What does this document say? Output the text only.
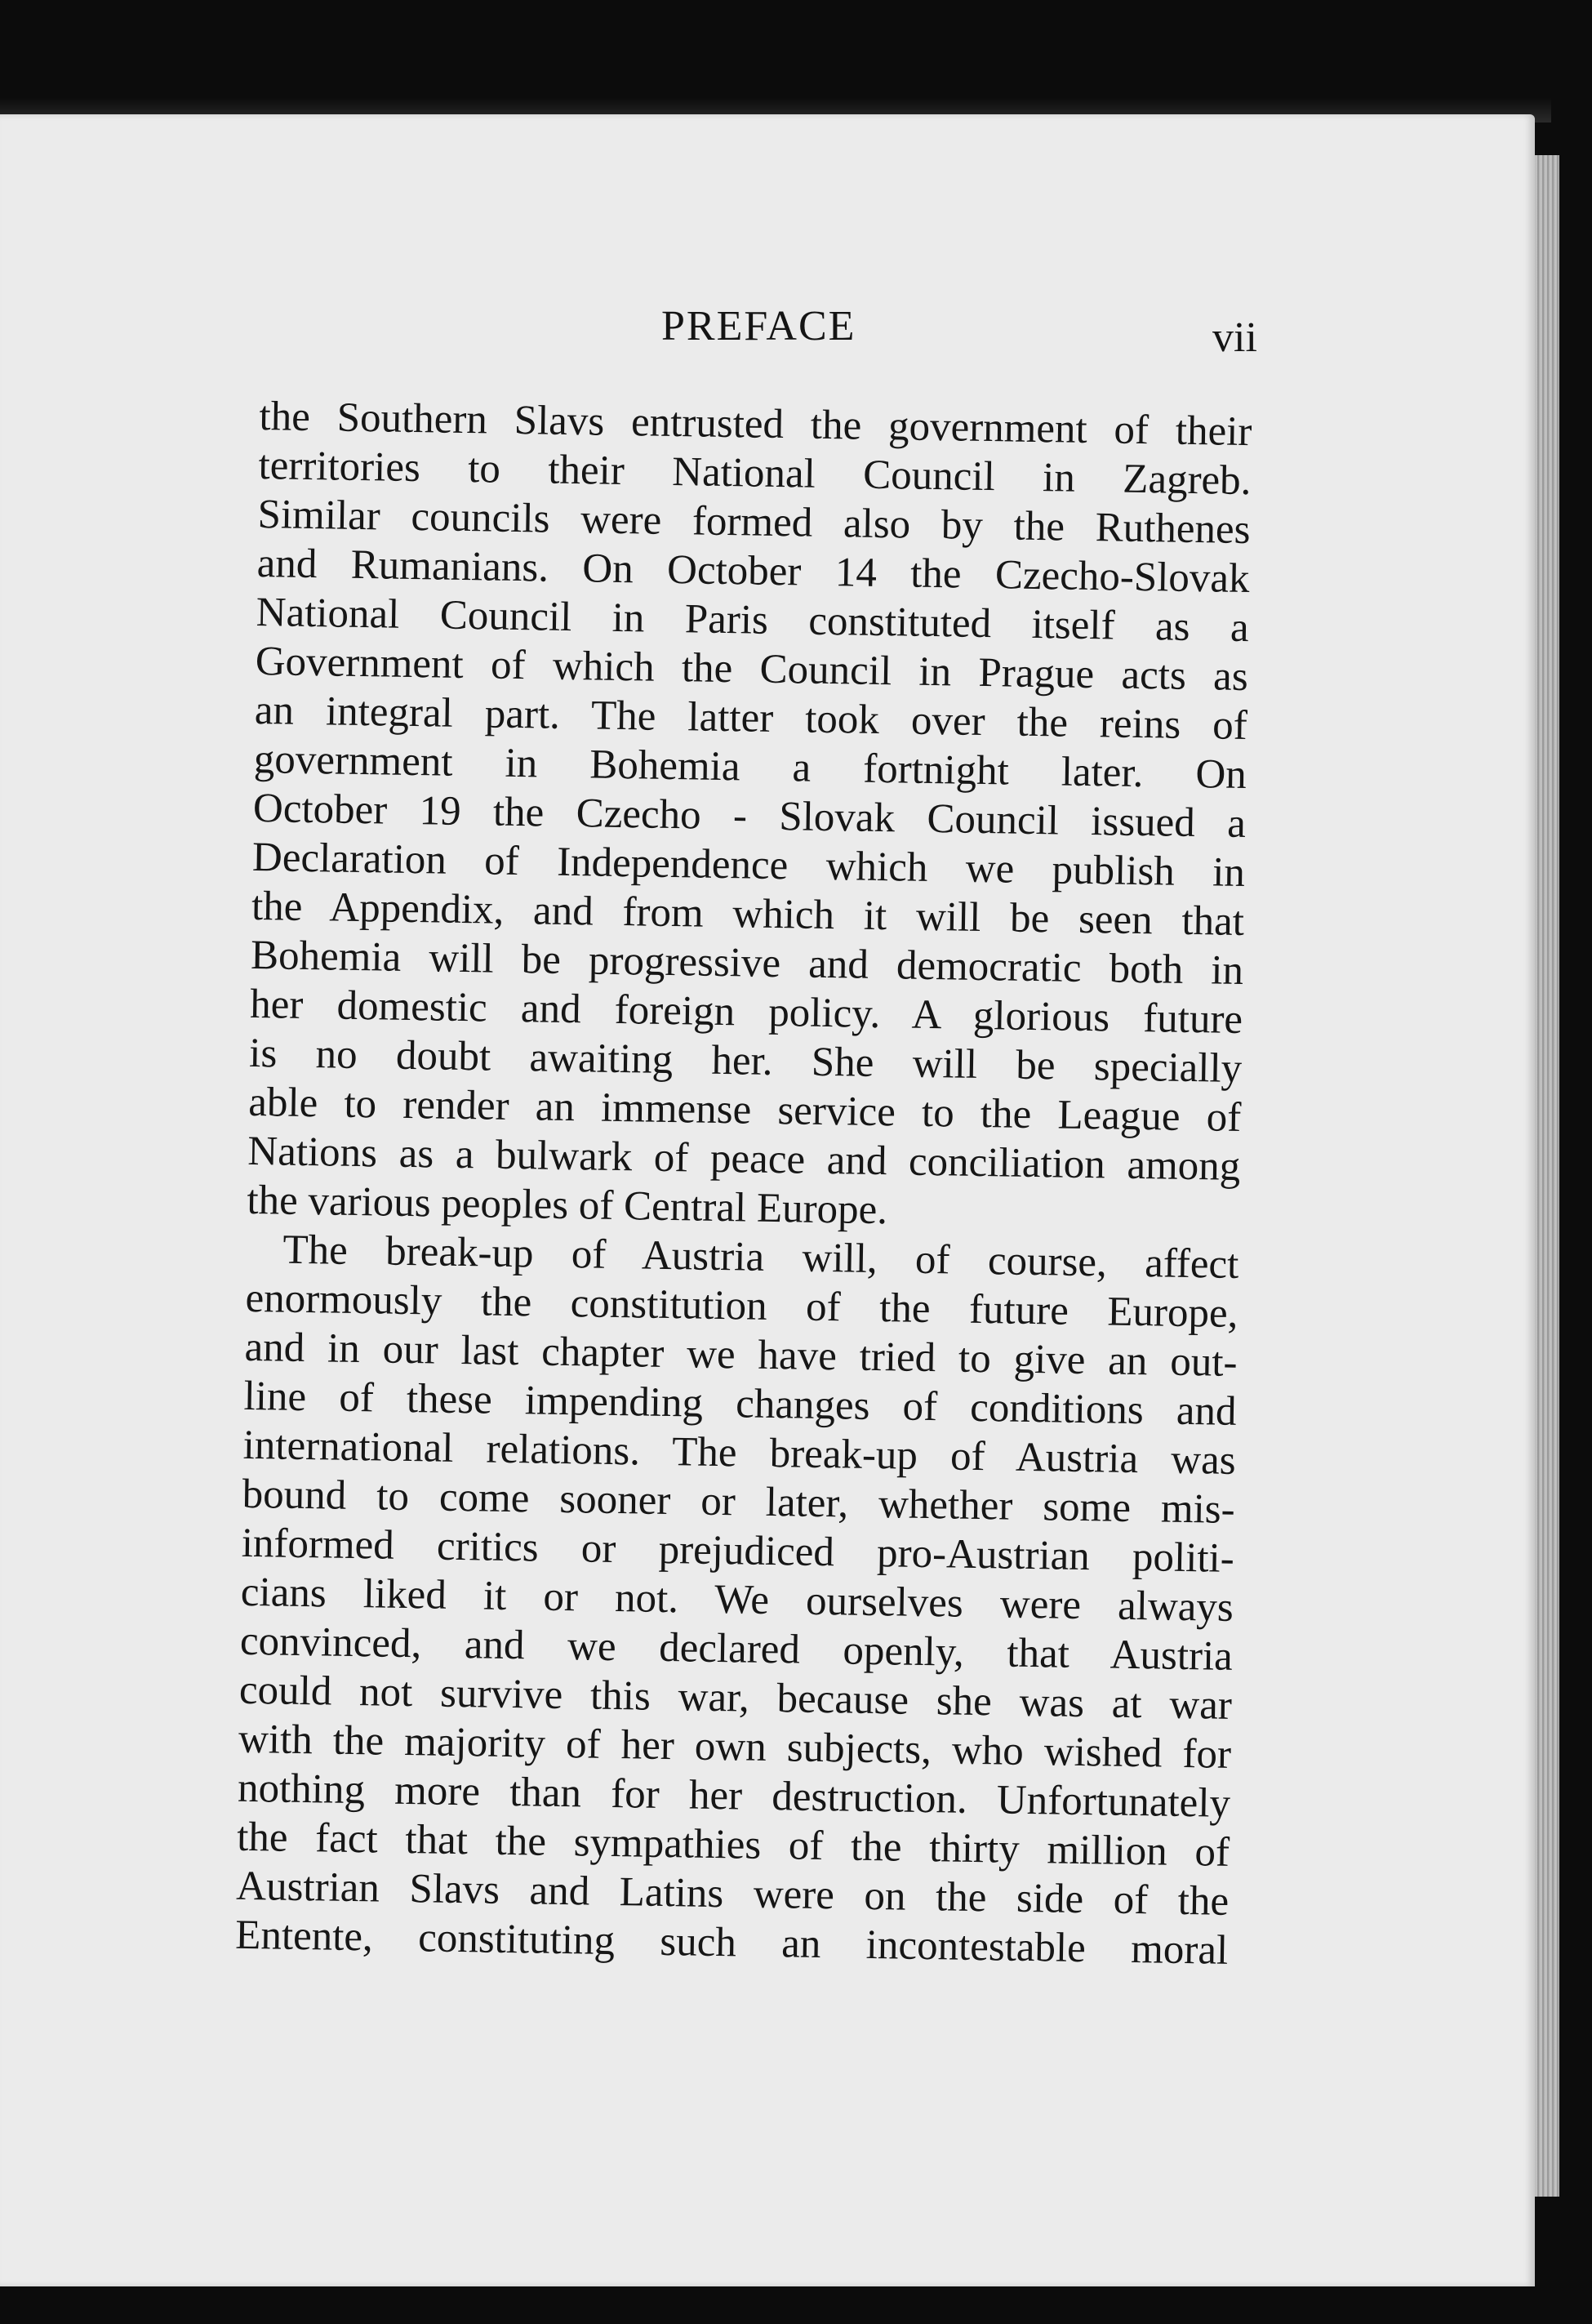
PREFACE	vii
the Southern Slavs entrusted the government of their
territories to their National Council in Zagreb.
Similar councils were formed also by the Ruthenes
and Rumanians. On October 14 the Czecho-Slovak
National Council in Paris constituted itself as a
Government of which the Council in Prague acts as
an integral part. The latter took over the reins of
government in Bohemia a fortnight later. On
October 19 the Czecho - Slovak Council issued a
Declaration of Independence which we publish in
the Appendix, and from which it will be seen that
Bohemia will be progressive and democratic both in
her domestic and foreign policy. A glorious future
is no doubt awaiting her. She will be specially
able to render an immense service to the League of
Nations as a bulwark of peace and conciliation among
the various peoples of Central Europe.
The break-up of Austria will, of course, affect
enormously the constitution of the future Europe,
and in our last chapter we have tried to give an out-
line of these impending changes of conditions and
international relations. The break-up of Austria was
bound to come sooner or later, whether some mis-
informed critics or prejudiced pro-Austrian politi-
cians liked it or not. We ourselves were always
convinced, and we declared openly, that Austria
could not survive this war, because she was at war
with the majority of her own subjects, who wished for
nothing more than for her destruction. Unfortunately
the fact that the sympathies of the thirty million of
Austrian Slavs and Latins were on the side of the
Entente, constituting such an incontestable moral
